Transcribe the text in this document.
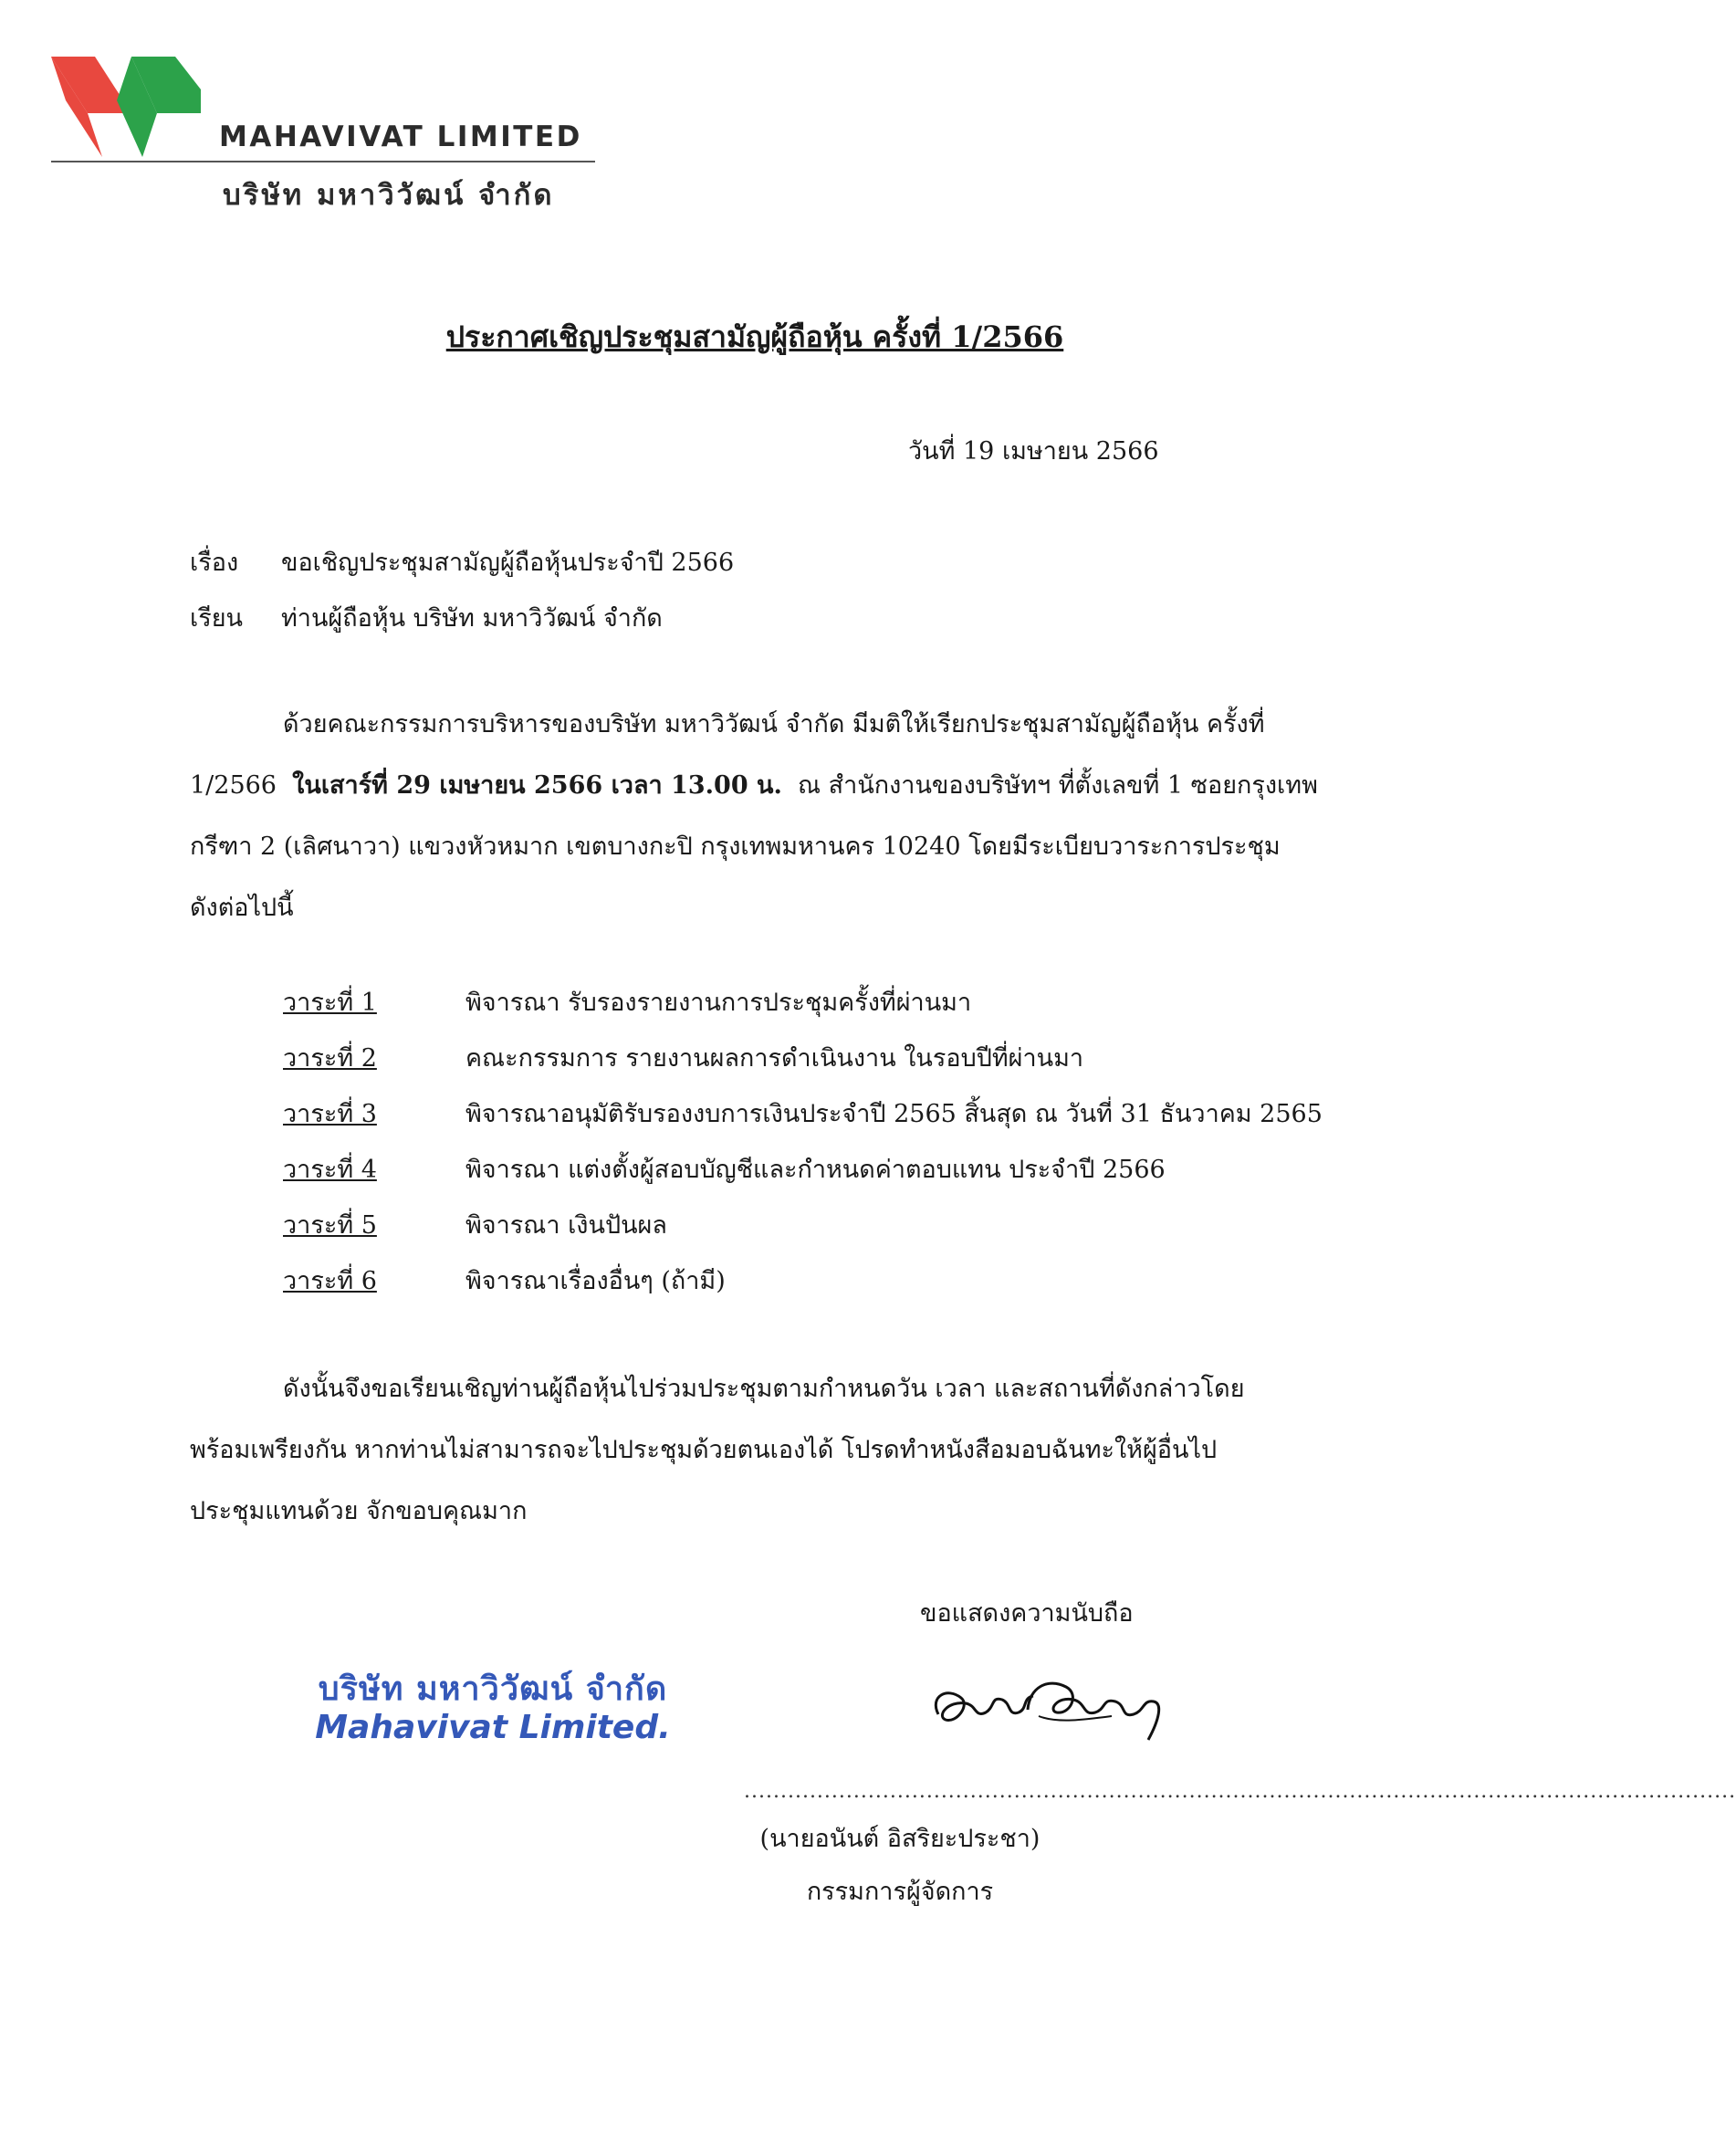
MAHAVIVAT LIMITED
บริษัท มหาวิวัฒน์ จำกัด
ประกาศเชิญประชุมสามัญผู้ถือหุ้น ครั้งที่ 1/2566
วันที่ 19 เมษายน 2566
เรื่อง ขอเชิญประชุมสามัญผู้ถือหุ้นประจำปี 2566
เรียน ท่านผู้ถือหุ้น บริษัท มหาวิวัฒน์ จำกัด
ด้วยคณะกรรมการบริหารของบริษัท มหาวิวัฒน์ จำกัด มีมติให้เรียกประชุมสามัญผู้ถือหุ้น ครั้งที่
1/2566 ในเสาร์ที่ 29 เมษายน 2566 เวลา 13.00 น. ณ สำนักงานของบริษัทฯ ที่ตั้งเลขที่ 1 ซอยกรุงเทพ
กรีฑา 2 (เลิศนาวา) แขวงหัวหมาก เขตบางกะปิ กรุงเทพมหานคร 10240 โดยมีระเบียบวาระการประชุม
ดังต่อไปนี้
วาระที่ 1	พิจารณา รับรองรายงานการประชุมครั้งที่ผ่านมา
วาระที่ 2	คณะกรรมการ รายงานผลการดำเนินงาน ในรอบปีที่ผ่านมา
วาระที่ 3	พิจารณาอนุมัติรับรองงบการเงินประจำปี 2565 สิ้นสุด ณ วันที่ 31 ธันวาคม 2565
วาระที่ 4	พิจารณา แต่งตั้งผู้สอบบัญชีและกำหนดค่าตอบแทน ประจำปี 2566
วาระที่ 5	พิจารณา เงินปันผล
วาระที่ 6	พิจารณาเรื่องอื่นๆ (ถ้ามี)
ดังนั้นจึงขอเรียนเชิญท่านผู้ถือหุ้นไปร่วมประชุมตามกำหนดวัน เวลา และสถานที่ดังกล่าวโดย
พร้อมเพรียงกัน หากท่านไม่สามารถจะไปประชุมด้วยตนเองได้ โปรดทำหนังสือมอบฉันทะให้ผู้อื่นไป
ประชุมแทนด้วย จักขอบคุณมาก
ขอแสดงความนับถือ
บริษัท มหาวิวัฒน์ จำกัด
Mahavivat Limited.
........................................................................................................................................
(นายอนันต์ อิสริยะประชา)
กรรมการผู้จัดการ
